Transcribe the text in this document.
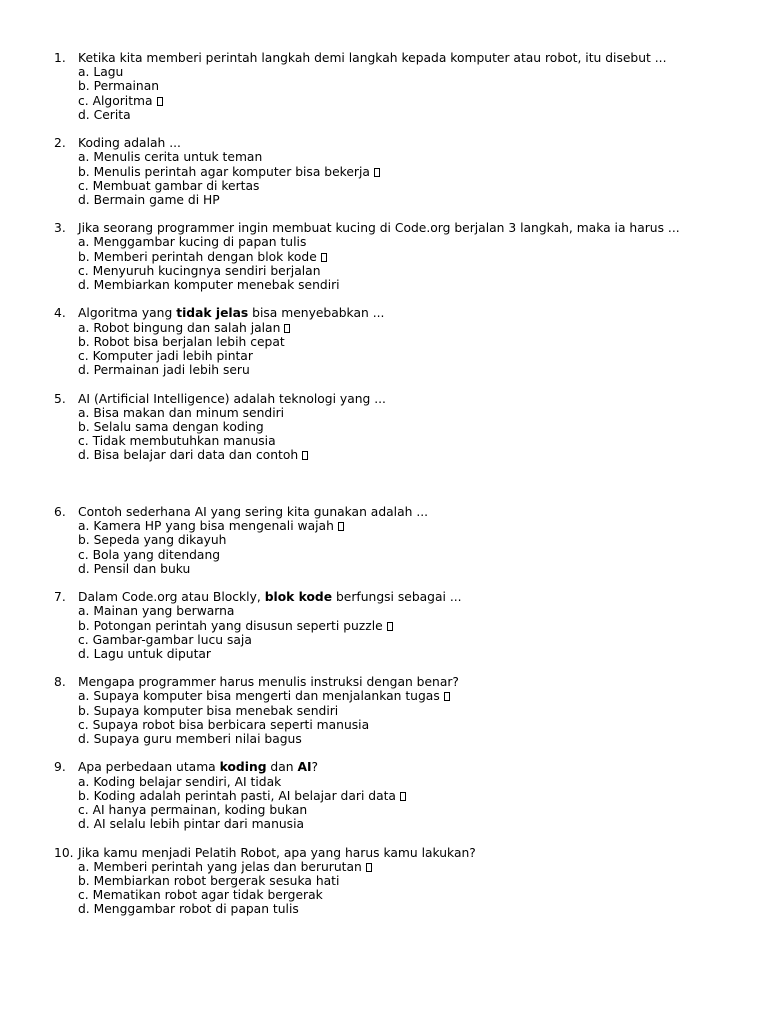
1. Ketika kita memberi perintah langkah demi langkah kepada komputer atau robot, itu disebut ...
a. Lagu
b. Permainan
c. Algoritma
d. Cerita
2. Koding adalah ...
a. Menulis cerita untuk teman
b. Menulis perintah agar komputer bisa bekerja
c. Membuat gambar di kertas
d. Bermain game di HP
3. Jika seorang programmer ingin membuat kucing di Code.org berjalan 3 langkah, maka ia harus ...
a. Menggambar kucing di papan tulis
b. Memberi perintah dengan blok kode
c. Menyuruh kucingnya sendiri berjalan
d. Membiarkan komputer menebak sendiri
4. Algoritma yang tidak jelas bisa menyebabkan ...
a. Robot bingung dan salah jalan
b. Robot bisa berjalan lebih cepat
c. Komputer jadi lebih pintar
d. Permainan jadi lebih seru
5. AI (Artificial Intelligence) adalah teknologi yang ...
a. Bisa makan dan minum sendiri
b. Selalu sama dengan koding
c. Tidak membutuhkan manusia
d. Bisa belajar dari data dan contoh
6. Contoh sederhana AI yang sering kita gunakan adalah ...
a. Kamera HP yang bisa mengenali wajah
b. Sepeda yang dikayuh
c. Bola yang ditendang
d. Pensil dan buku
7. Dalam Code.org atau Blockly, blok kode berfungsi sebagai ...
a. Mainan yang berwarna
b. Potongan perintah yang disusun seperti puzzle
c. Gambar-gambar lucu saja
d. Lagu untuk diputar
8. Mengapa programmer harus menulis instruksi dengan benar?
a. Supaya komputer bisa mengerti dan menjalankan tugas
b. Supaya komputer bisa menebak sendiri
c. Supaya robot bisa berbicara seperti manusia
d. Supaya guru memberi nilai bagus
9. Apa perbedaan utama koding dan AI?
a. Koding belajar sendiri, AI tidak
b. Koding adalah perintah pasti, AI belajar dari data
c. AI hanya permainan, koding bukan
d. AI selalu lebih pintar dari manusia
10. Jika kamu menjadi Pelatih Robot, apa yang harus kamu lakukan?
a. Memberi perintah yang jelas dan berurutan
b. Membiarkan robot bergerak sesuka hati
c. Mematikan robot agar tidak bergerak
d. Menggambar robot di papan tulis
